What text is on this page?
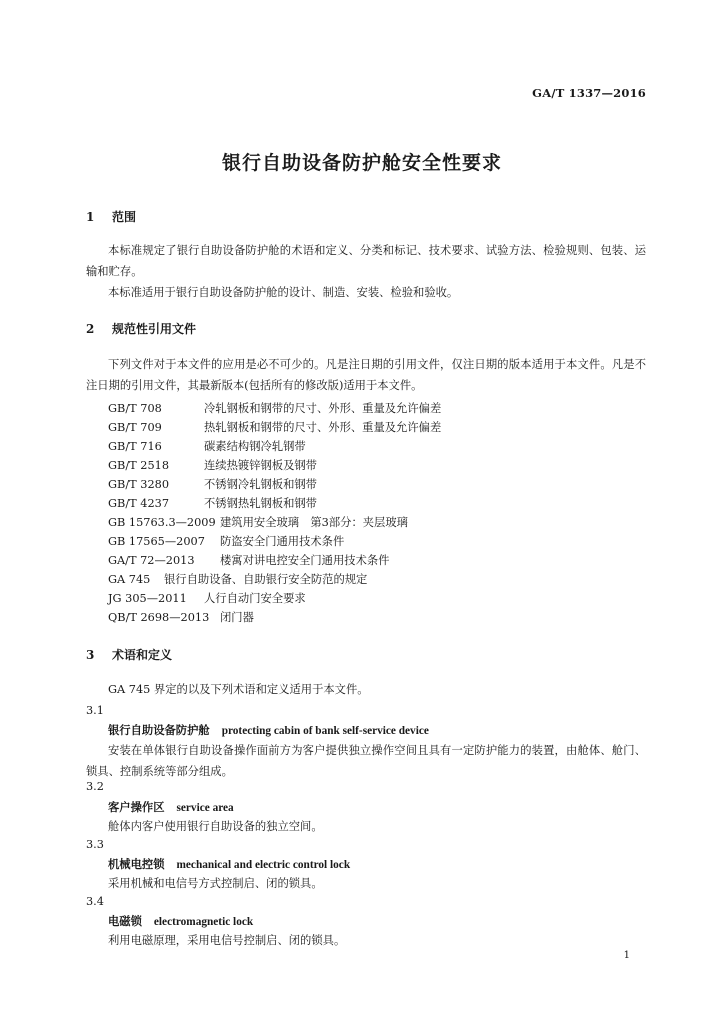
GA/T 1337—2016
银行自助设备防护舱安全性要求
1 范围
本标准规定了银行自助设备防护舱的术语和定义、分类和标记、技术要求、试验方法、检验规则、包装、运输和贮存。
本标准适用于银行自助设备防护舱的设计、制造、安装、检验和验收。
2 规范性引用文件
下列文件对于本文件的应用是必不可少的。凡是注日期的引用文件，仅注日期的版本适用于本文件。凡是不注日期的引用文件，其最新版本(包括所有的修改版)适用于本文件。
GB/T 708	冷轧钢板和钢带的尺寸、外形、重量及允许偏差
GB/T 709	热轧钢板和钢带的尺寸、外形、重量及允许偏差
GB/T 716	碳素结构钢冷轧钢带
GB/T 2518	连续热镀锌钢板及钢带
GB/T 3280	不锈钢冷轧钢板和钢带
GB/T 4237	不锈钢热轧钢板和钢带
GB 15763.3—2009 建筑用安全玻璃　第3部分：夹层玻璃
GB 17565—2007 防盗安全门通用技术条件
GA/T 72—2013 楼寓对讲电控安全门通用技术条件
GA 745 银行自助设备、自助银行安全防范的规定
JG 305—2011 人行自动门安全要求
QB/T 2698—2013 闭门器
3 术语和定义
GA 745 界定的以及下列术语和定义适用于本文件。
3.1
银行自助设备防护舱 protecting cabin of bank self-service device
安装在单体银行自助设备操作面前方为客户提供独立操作空间且具有一定防护能力的装置，由舱体、舱门、锁具、控制系统等部分组成。
3.2
客户操作区 service area
舱体内客户使用银行自助设备的独立空间。
3.3
机械电控锁 mechanical and electric control lock
采用机械和电信号方式控制启、闭的锁具。
3.4
电磁锁 electromagnetic lock
利用电磁原理，采用电信号控制启、闭的锁具。
1
